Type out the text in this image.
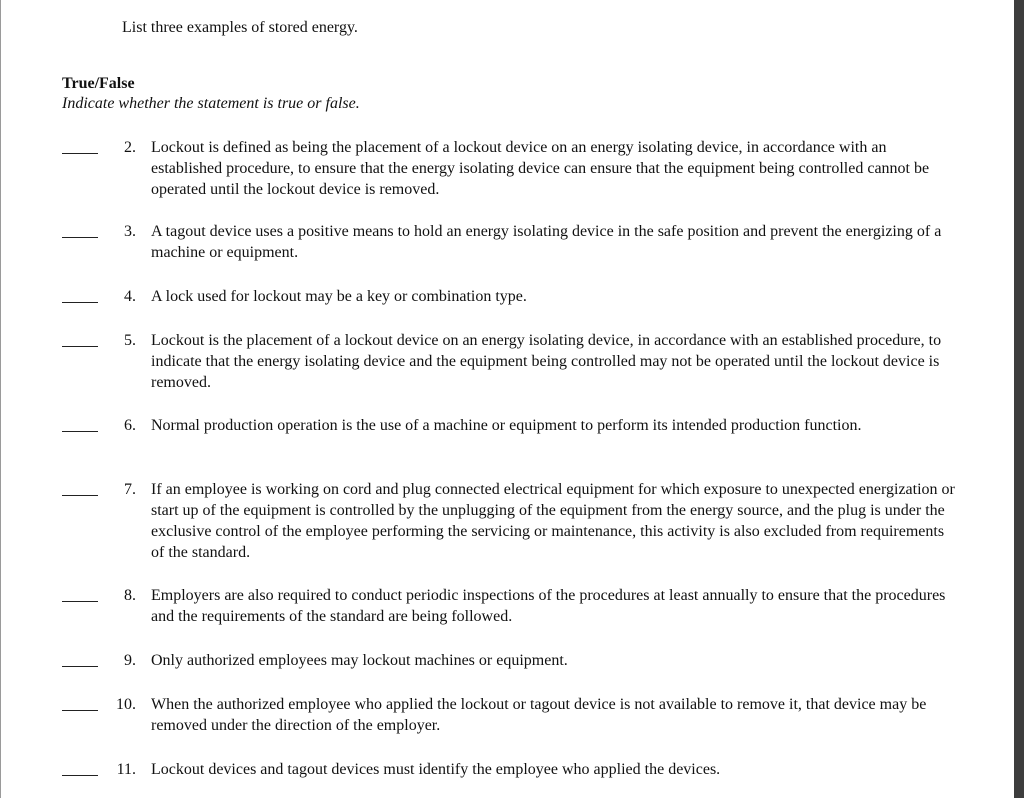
List three examples of stored energy.
True/False
Indicate whether the statement is true or false.
2. Lockout is defined as being the placement of a lockout device on an energy isolating device, in accordance with an established procedure, to ensure that the energy isolating device can ensure that the equipment being controlled cannot be operated until the lockout device is removed.
3. A tagout device uses a positive means to hold an energy isolating device in the safe position and prevent the energizing of a machine or equipment.
4. A lock used for lockout may be a key or combination type.
5. Lockout is the placement of a lockout device on an energy isolating device, in accordance with an established procedure, to indicate that the energy isolating device and the equipment being controlled may not be operated until the lockout device is removed.
6. Normal production operation is the use of a machine or equipment to perform its intended production function.
7. If an employee is working on cord and plug connected electrical equipment for which exposure to unexpected energization or start up of the equipment is controlled by the unplugging of the equipment from the energy source, and the plug is under the exclusive control of the employee performing the servicing or maintenance, this activity is also excluded from requirements of the standard.
8. Employers are also required to conduct periodic inspections of the procedures at least annually to ensure that the procedures and the requirements of the standard are being followed.
9. Only authorized employees may lockout machines or equipment.
10. When the authorized employee who applied the lockout or tagout device is not available to remove it, that device may be removed under the direction of the employer.
11. Lockout devices and tagout devices must identify the employee who applied the devices.
